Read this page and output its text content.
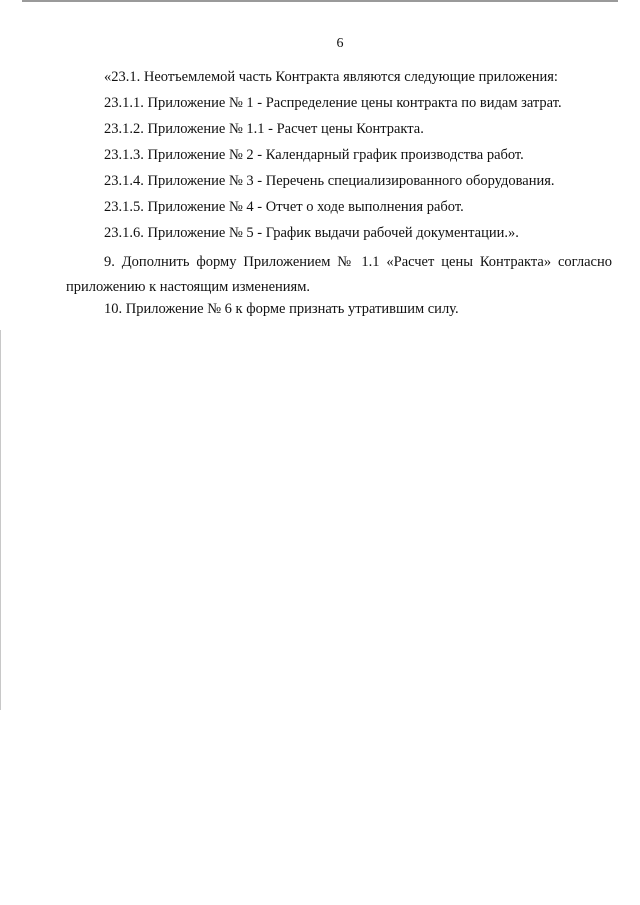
6
«23.1. Неотъемлемой часть Контракта являются следующие приложения:
23.1.1. Приложение № 1 - Распределение цены контракта по видам затрат.
23.1.2. Приложение № 1.1 - Расчет цены Контракта.
23.1.3. Приложение № 2 - Календарный график производства работ.
23.1.4. Приложение № 3 - Перечень специализированного оборудования.
23.1.5. Приложение № 4 - Отчет о ходе выполнения работ.
23.1.6. Приложение № 5 - График выдачи рабочей документации.».
9. Дополнить форму Приложением № 1.1 «Расчет цены Контракта» согласно приложению к настоящим изменениям.
10. Приложение № 6 к форме признать утратившим силу.
